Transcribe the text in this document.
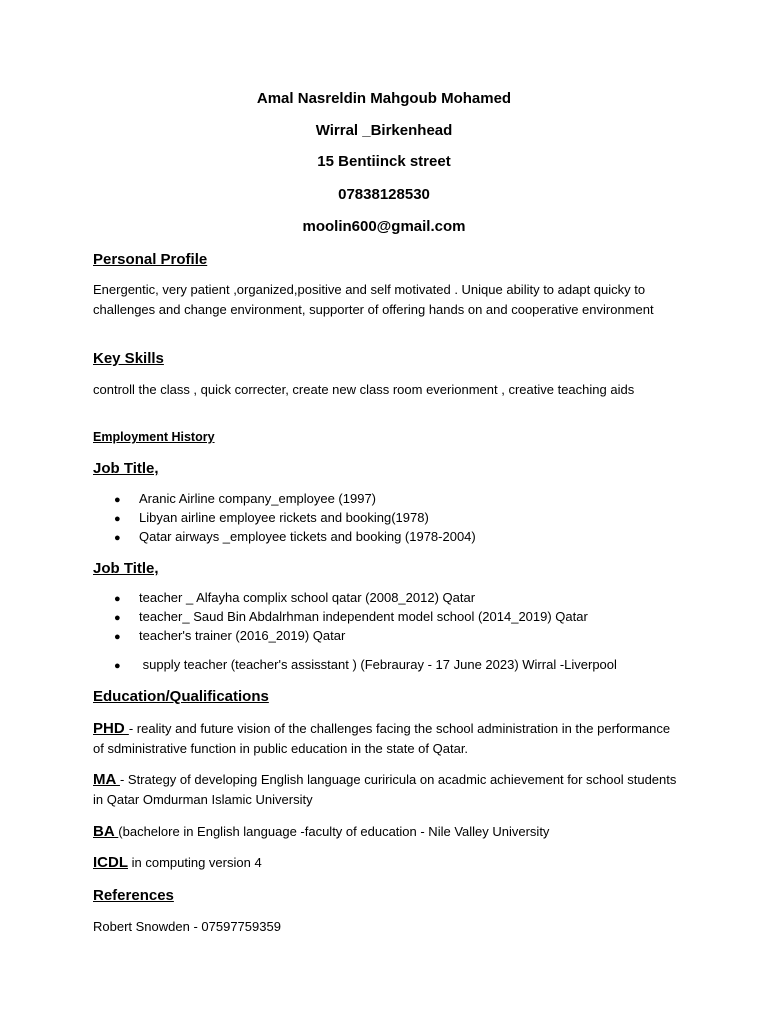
Amal Nasreldin Mahgoub Mohamed
Wirral _Birkenhead
15 Bentiinck street
07838128530
moolin600@gmail.com
Personal Profile
Energentic, very patient ,organized,positive and self motivated . Unique ability to adapt quicky to challenges and change environment, supporter of offering hands on and cooperative environment
Key Skills
controll the class , quick correcter, create new class room everionment , creative teaching aids
Employment History
Job Title,
● Aranic Airline company_employee (1997)
● Libyan airline employee rickets and booking(1978)
● Qatar airways _employee tickets and booking (1978-2004)
Job Title,
● teacher _ Alfayha complix school qatar (2008_2012) Qatar
● teacher_ Saud Bin Abdalrhman independent model school (2014_2019) Qatar
● teacher's trainer (2016_2019) Qatar
● supply teacher (teacher's assisstant ) (Febrauray - 17 June 2023) Wirral -Liverpool
Education/Qualifications
PHD - reality and future vision of the challenges facing the school administration in the performance of sdministrative function in public education in the state of Qatar.
MA - Strategy of developing English language curiricula on acadmic achievement for school students in Qatar Omdurman Islamic University
BA (bachelore in English language -faculty of education - Nile Valley University
ICDL in computing version 4
References
Robert Snowden - 07597759359
